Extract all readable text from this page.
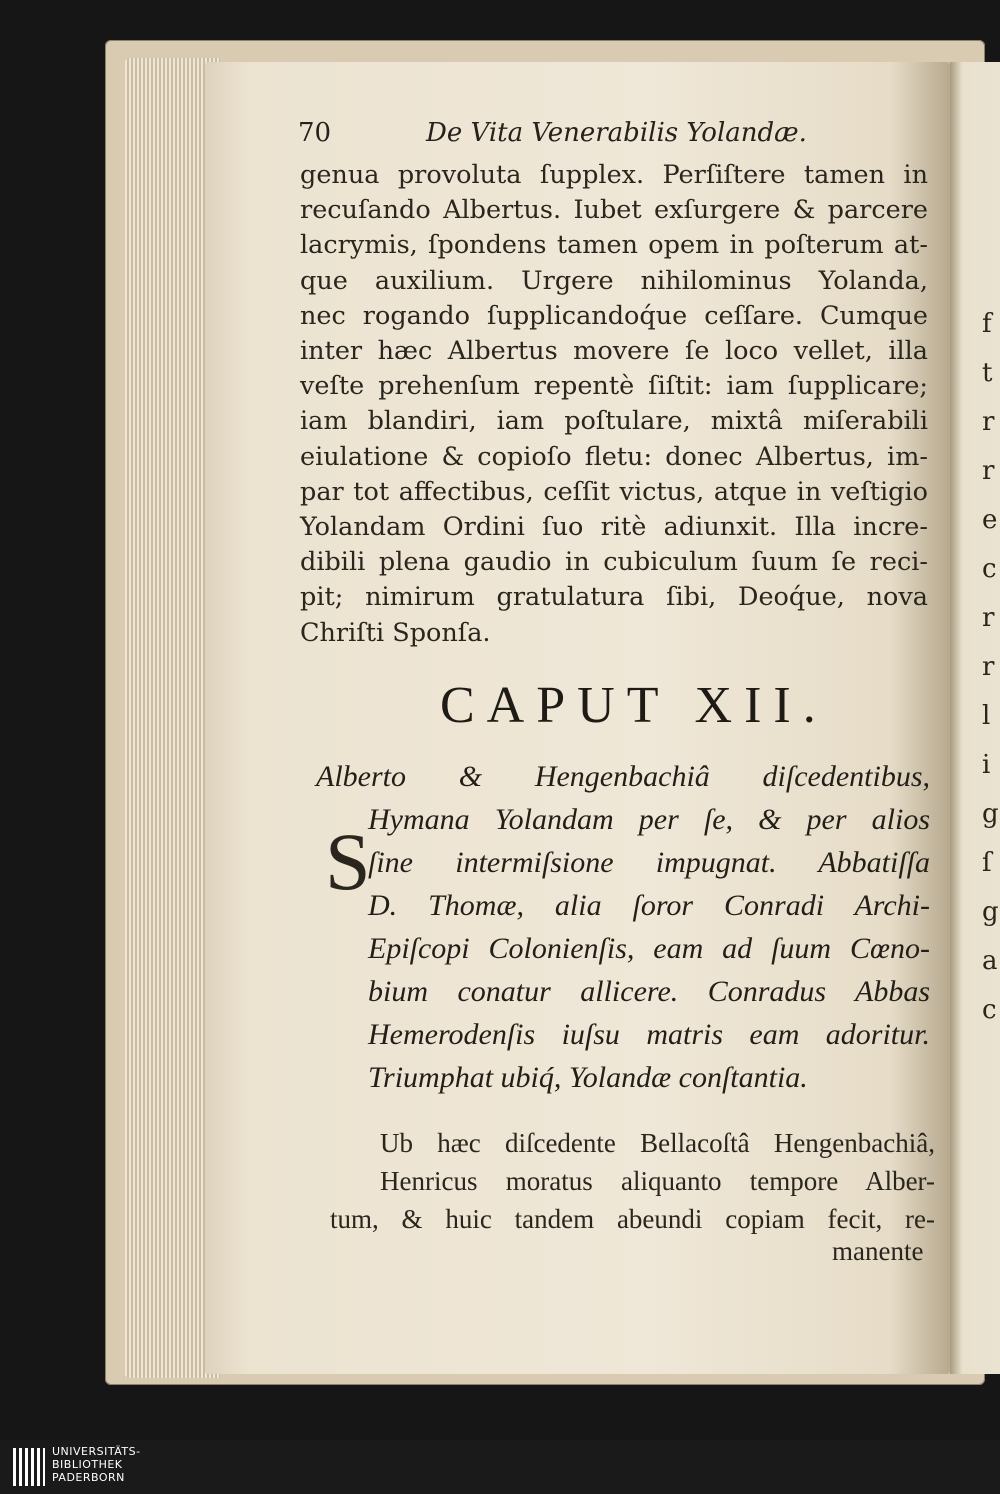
f
t
r
r
e
c
r
r
l
i
g
ſ
g
a
c
70	De Vita Venerabilis Yolandæ.
genua provoluta ſupplex. Perſiſtere tamen in
recuſando Albertus. Iubet exſurgere & parcere
lacrymis, ſpondens tamen opem in poſterum at-
que auxilium. Urgere nihilominus Yolanda,
nec rogando ſupplicandoq́ue ceſſare. Cumque
inter hæc Albertus movere ſe loco vellet, illa
veſte prehenſum repentè ſiſtit: iam ſupplicare;
iam blandiri, iam poſtulare, mixtâ miſerabili
eiulatione & copioſo fletu: donec Albertus, im-
par tot affectibus, ceſſit victus, atque in veſtigio
Yolandam Ordini ſuo ritè adiunxit. Illa incre-
dibili plena gaudio in cubiculum ſuum ſe reci-
pit; nimirum gratulatura ſibi, Deoq́ue, nova
Chriſti Sponſa.
CAPUT XII.
Alberto & Hengenbachiâ diſcedentibus,
Hymana Yolandam per ſe, & per alios
ſine intermiſsione impugnat. Abbatiſſa
D. Thomæ, alia ſoror Conradi Archi-
Epiſcopi Colonienſis, eam ad ſuum Cœno-
bium conatur allicere. Conradus Abbas
Hemerodenſis iuſsu matris eam adoritur.
Triumphat ubiq́, Yolandæ conſtantia.
S
Ub hæc diſcedente Bellacoſtâ Hengenbachiâ,
Henricus moratus aliquanto tempore Alber-
tum, & huic tandem abeundi copiam fecit, re-
manente
UNIVERSITÄTS-
BIBLIOTHEK
PADERBORN
